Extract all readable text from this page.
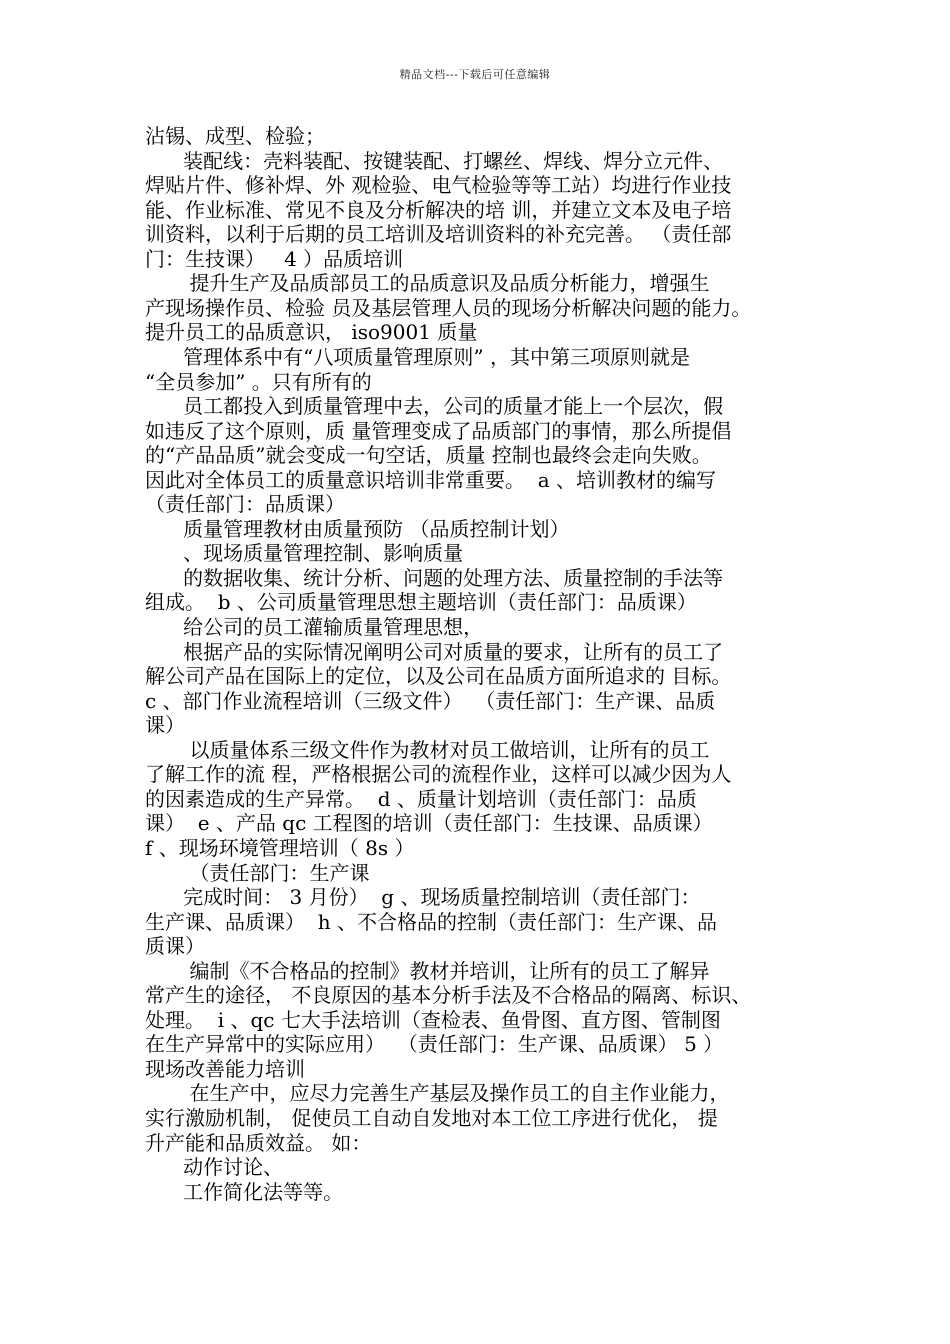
精品文档---下载后可任意编辑
沾锡、成型、检验；
装配线：壳料装配、按键装配、打螺丝、焊线、焊分立元件、
焊贴片件、修补焊、外 观检验、电气检验等等工站）均进行作业技
能、作业标准、常见不良及分析解决的培 训，并建立文本及电子培
训资料，以利于后期的员工培训及培训资料的补充完善。 （责任部
门：生技课）   4 ）品质培训
提升生产及品质部员工的品质意识及品质分析能力，增强生
产现场操作员、检验 员及基层管理人员的现场分析解决问题的能力。
提升员工的品质意识， iso9001 质量
管理体系中有“八项质量管理原则” ，其中第三项原则就是
“全员参加” 。只有所有的
员工都投入到质量管理中去，公司的质量才能上一个层次，假
如违反了这个原则，质 量管理变成了品质部门的事情，那么所提倡
的“产品品质”就会变成一句空话，质量 控制也最终会走向失败。
因此对全体员工的质量意识培训非常重要。  a 、培训教材的编写
（责任部门：品质课）
质量管理教材由质量预防 （品质控制计划）
、现场质量管理控制、影响质量
的数据收集、统计分析、问题的处理方法、质量控制的手法等
组成。  b 、公司质量管理思想主题培训（责任部门：品质课）
给公司的员工灌输质量管理思想，
根据产品的实际情况阐明公司对质量的要求，让所有的员工了
解公司产品在国际上的定位，以及公司在品质方面所追求的 目标。
c 、部门作业流程培训（三级文件）  （责任部门：生产课、品质
课）
以质量体系三级文件作为教材对员工做培训，让所有的员工
了解工作的流 程，严格根据公司的流程作业，这样可以减少因为人
的因素造成的生产异常。  d 、质量计划培训（责任部门：品质
课）  e 、产品 qc 工程图的培训（责任部门：生技课、品质课）
f 、现场环境管理培训（ 8s ）
（责任部门：生产课
完成时间： 3 月份）  g 、现场质量控制培训（责任部门：
生产课、品质课）  h 、不合格品的控制（责任部门：生产课、品
质课）
编制《不合格品的控制》教材并培训，让所有的员工了解异
常产生的途径， 不良原因的基本分析手法及不合格品的隔离、标识、
处理。  i 、qc 七大手法培训（查检表、鱼骨图、直方图、管制图
在生产异常中的实际应用）  （责任部门：生产课、品质课） 5 ）
现场改善能力培训
在生产中，应尽力完善生产基层及操作员工的自主作业能力，
实行激励机制， 促使员工自动自发地对本工位工序进行优化， 提
升产能和品质效益。 如：
动作讨论、
工作简化法等等。
